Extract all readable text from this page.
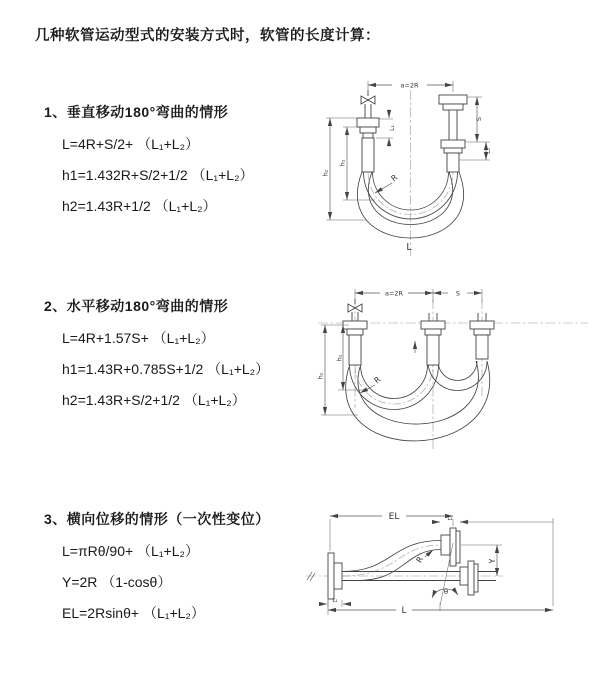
几种软管运动型式的安装方式时，软管的长度计算：
1、垂直移动180°弯曲的情形
L=4R+S/2+ （L₁+L₂）
h1=1.432R+S/2+1/2 （L₁+L₂）
h2=1.43R+1/2 （L₁+L₂）
2、水平移动180°弯曲的情形
L=4R+1.57S+ （L₁+L₂）
h1=1.43R+0.785S+1/2 （L₁+L₂）
h2=1.43R+S/2+1/2 （L₁+L₂）
3、横向位移的情形（一次性变位）
L=πRθ/90+ （L₁+L₂）
Y=2R （1-cosθ）
EL=2Rsinθ+ （L₁+L₂）
a=2R
L₁
S
L₂
h₁
h₂	R
L
a=2R	S
h₁
h₂	R
EL	L₂
Y
R
θ
L
L₁
